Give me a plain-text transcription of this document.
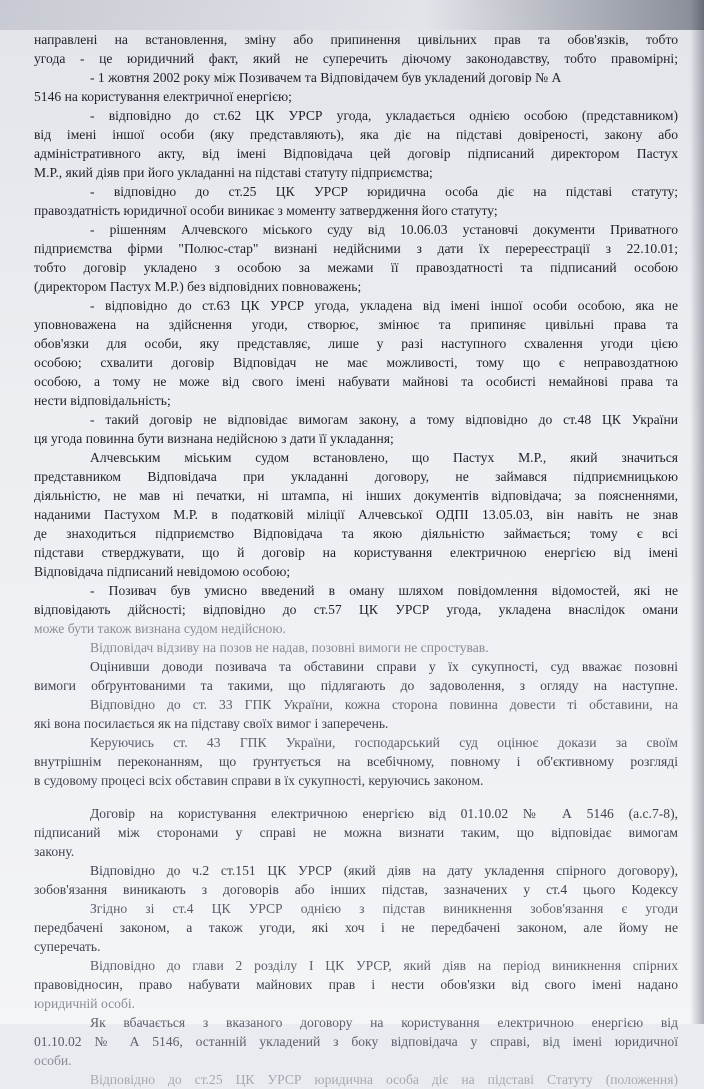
направлені на встановлення, зміну або припинення цивільних прав та обов'язків, тобто
угода - це юридичний факт, який не суперечить діючому законодавству, тобто правомірні;
- 1 жовтня 2002 року між Позивачем та Відповідачем був укладений договір № А
5146 на користування електричної енергією;
- відповідно до ст.62 ЦК УРСР угода, укладається однією особою (представником)
від імені іншої особи (яку представляють), яка діє на підставі довіреності, закону або
адміністративного акту, від імені Відповідача цей договір підписаний директором Пастух
М.Р., який діяв при його укладанні на підставі статуту підприємства;
- відповідно до ст.25 ЦК УРСР юридична особа діє на підставі статуту;
правоздатність юридичної особи виникає з моменту затвердження його статуту;
- рішенням Алчевского міського суду від 10.06.03 установчі документи Приватного
підприємства фірми "Полюс-стар" визнані недійсними з дати їх перереєстрації з 22.10.01;
тобто договір укладено з особою за межами її правоздатності та підписаний особою
(директором Пастух М.Р.) без відповідних повноважень;
- відповідно до ст.63 ЦК УРСР угода, укладена від імені іншої особи особою, яка не
уповноважена на здійснення угоди, створює, змінює та припиняє цивільні права та
обов'язки для особи, яку представляє, лише у разі наступного схвалення угоди цією
особою; схвалити договір Відповідач не має можливості, тому що є неправоздатною
особою, а тому не може від свого імені набувати майнові та особисті немайнові права та
нести відповідальність;
- такий договір не відповідає вимогам закону, а тому відповідно до ст.48 ЦК України
ця угода повинна бути визнана недійсною з дати її укладання;
Алчевським міським судом встановлено, що Пастух М.Р., який значиться
представником Відповідача при укладанні договору, не займався підприємницькою
діяльністю, не мав ні печатки, ні штампа, ні інших документів відповідача; за поясненнями,
наданими Пастухом М.Р. в податковій міліції Алчевської ОДПІ 13.05.03, він навіть не знав
де знаходиться підприємство Відповідача та якою діяльністю займається; тому є всі
підстави стверджувати, що й договір на користування електричною енергією від імені
Відповідача підписаний невідомою особою;
- Позивач був умисно введений в оману шляхом повідомлення відомостей, які не
відповідають дійсності; відповідно до ст.57 ЦК УРСР угода, укладена внаслідок омани
може бути також визнана судом недійсною.
Відповідач відзиву на позов не надав, позовні вимоги не спростував.
Оцінивши доводи позивача та обставини справи у їх сукупності, суд вважає позовні
вимоги обґрунтованими та такими, що підлягають до задоволення, з огляду на наступне.
Відповідно до ст. 33 ГПК України, кожна сторона повинна довести ті обставини, на
які вона посилається як на підставу своїх вимог і заперечень.
Керуючись ст. 43 ГПК України, господарський суд оцінює докази за своїм
внутрішнім переконанням, що ґрунтується на всебічному, повному і об'єктивному розгляді
в судовому процесі всіх обставин справи в їх сукупності, керуючись законом.
Договір на користування електричною енергією від 01.10.02 № А 5146 (а.с.7-8),
підписаний між сторонами у справі не можна визнати таким, що відповідає вимогам
закону.
Відповідно до ч.2 ст.151 ЦК УРСР (який діяв на дату укладення спірного договору),
зобов'язання виникають з договорів або інших підстав, зазначених у ст.4 цього Кодексу
Згідно зі ст.4 ЦК УРСР однією з підстав виникнення зобов'язання є угоди
передбачені законом, а також угоди, які хоч і не передбачені законом, але йому не
суперечать.
Відповідно до глави 2 розділу І ЦК УРСР, який діяв на період виникнення спірних
правовідносин, право набувати майнових прав і нести обов'язки від свого імені надано
юридичній особі.
Як вбачається з вказаного договору на користування електричною енергією від
01.10.02 № А 5146, останній укладений з боку відповідача у справі, від імені юридичної
особи.
Відповідно до ст.25 ЦК УРСР юридична особа діє на підставі Статуту (положення)
